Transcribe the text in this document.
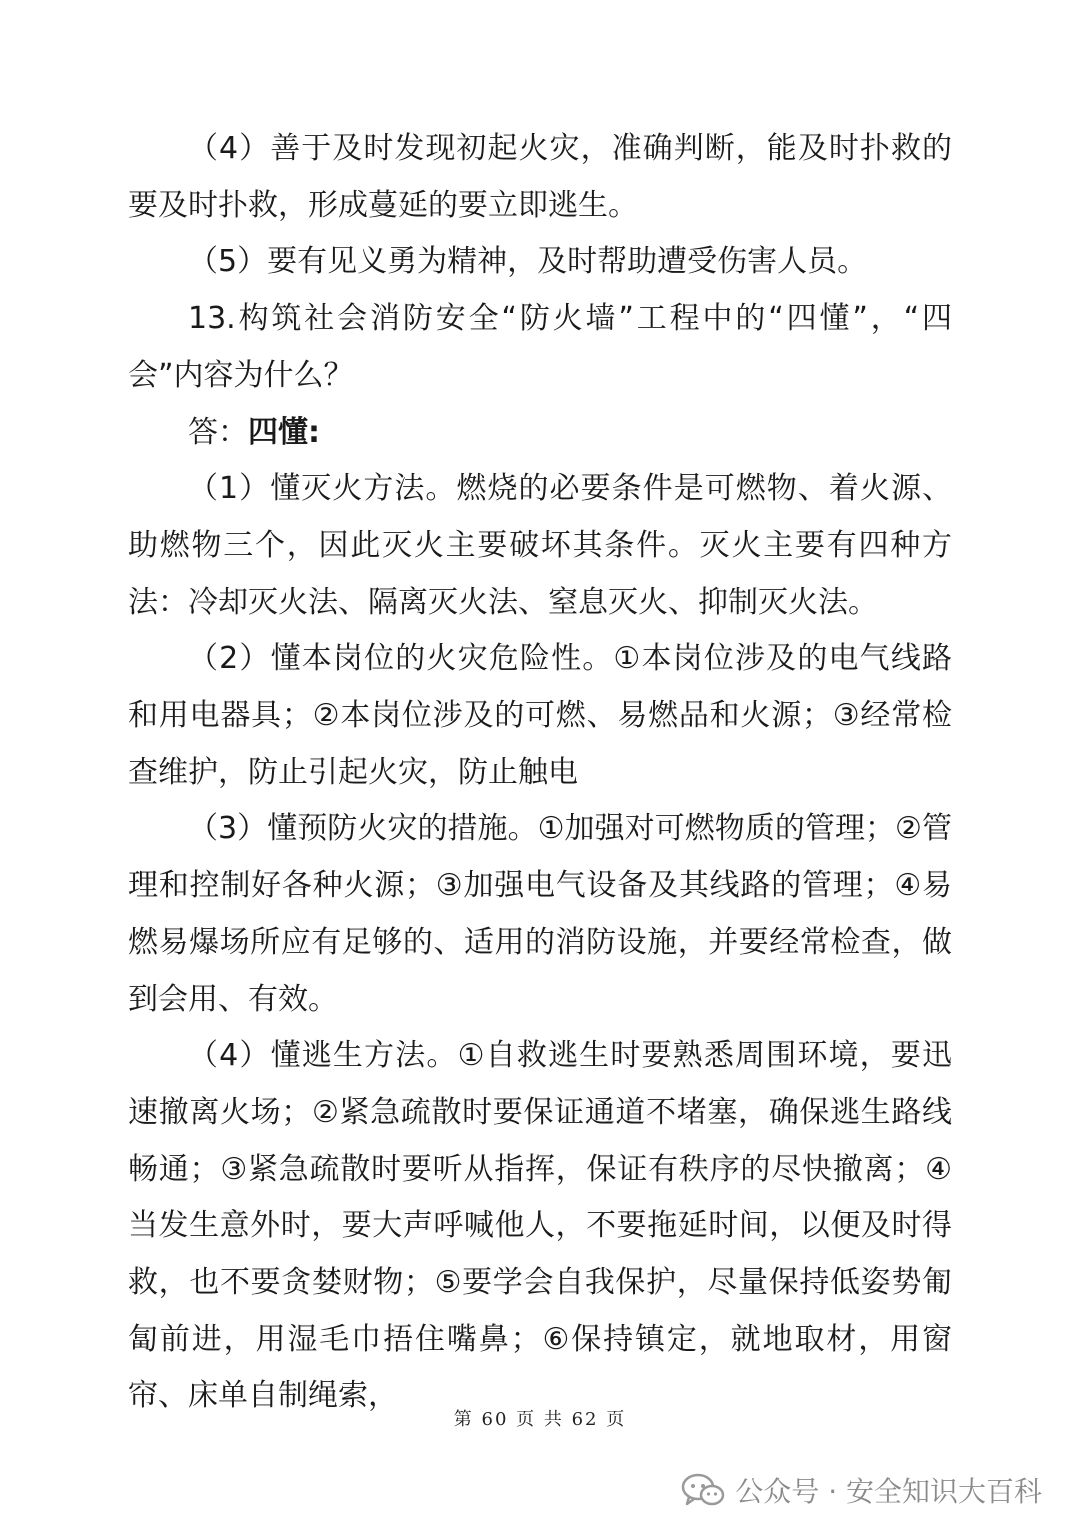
（4）善于及时发现初起火灾，准确判断，能及时扑救的要及时扑救，形成蔓延的要立即逃生。

（5）要有见义勇为精神，及时帮助遭受伤害人员。

13.构筑社会消防安全“防火墙”工程中的“四懂”，“四会”内容为什么？

答：四懂:

（1）懂灭火方法。燃烧的必要条件是可燃物、着火源、助燃物三个，因此灭火主要破坏其条件。灭火主要有四种方法：冷却灭火法、隔离灭火法、窒息灭火、抑制灭火法。

（2）懂本岗位的火灾危险性。①本岗位涉及的电气线路和用电器具；②本岗位涉及的可燃、易燃品和火源；③经常检查维护，防止引起火灾，防止触电

（3）懂预防火灾的措施。①加强对可燃物质的管理；②管理和控制好各种火源；③加强电气设备及其线路的管理；④易燃易爆场所应有足够的、适用的消防设施，并要经常检查，做到会用、有效。

（4）懂逃生方法。①自救逃生时要熟悉周围环境，要迅速撤离火场；②紧急疏散时要保证通道不堵塞，确保逃生路线畅通；③紧急疏散时要听从指挥，保证有秩序的尽快撤离；④当发生意外时，要大声呼喊他人，不要拖延时间，以便及时得救，也不要贪婪财物；⑤要学会自我保护，尽量保持低姿势匍匐前进，用湿毛巾捂住嘴鼻；⑥保持镇定，就地取材，用窗帘、床单自制绳索，

第 60 页 共 62 页
公众号 · 安全知识大百科
